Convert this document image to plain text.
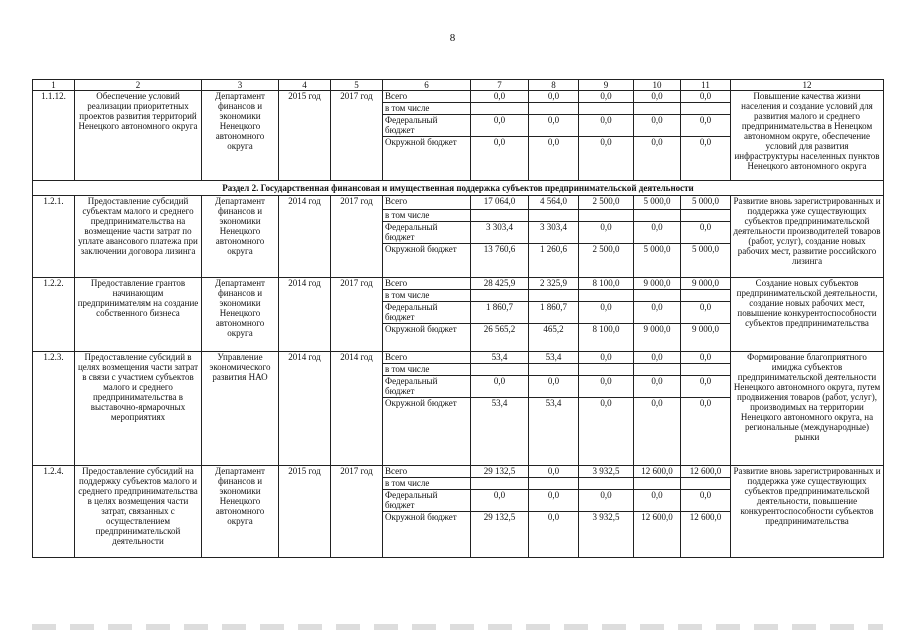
8
1	2	3	4	5	6	7	8	9	10	11	12
1.1.12.	Обеспечение условий реализации приоритетных проектов развития территорий Ненецкого автономного округа	Департамент финансов и экономики Ненецкого автономного округа	2015 год	2017 год	Всего	0,0	0,0	0,0	0,0	0,0	Повышение качества жизни населения и создание условий для развития малого и среднего предпринимательства в Ненецком автономном округе, обеспечение условий для развития инфраструктуры населенных пунктов Ненецкого автономного округа
					в том числе						
					Федеральный бюджет	0,0	0,0	0,0	0,0	0,0	
					Окружной бюджет	0,0	0,0	0,0	0,0	0,0	
Раздел 2. Государственная финансовая и имущественная поддержка субъектов предпринимательской деятельности											
1.2.1.	Предоставление субсидий субъектам малого и среднего предпринимательства на возмещение части затрат по уплате авансового платежа при заключении договора лизинга	Департамент финансов и экономики Ненецкого автономного округа	2014 год	2017 год	Всего	17 064,0	4 564,0	2 500,0	5 000,0	5 000,0	Развитие вновь зарегистрированных и поддержка уже существующих субъектов предпринимательской деятельности производителей товаров (работ, услуг), создание новых рабочих мест, развитие российского лизинга
					в том числе						
					Федеральный бюджет	3 303,4	3 303,4	0,0	0,0	0,0	
					Окружной бюджет	13 760,6	1 260,6	2 500,0	5 000,0	5 000,0	
1.2.2.	Предоставление грантов начинающим предпринимателям на создание собственного бизнеса	Департамент финансов и экономики Ненецкого автономного округа	2014 год	2017 год	Всего	28 425,9	2 325,9	8 100,0	9 000,0	9 000,0	Создание новых субъектов предпринимательской деятельности, создание новых рабочих мест, повышение конкурентоспособности субъектов предпринимательства
					в том числе						
					Федеральный бюджет	1 860,7	1 860,7	0,0	0,0	0,0	
					Окружной бюджет	26 565,2	465,2	8 100,0	9 000,0	9 000,0	
1.2.3.	Предоставление субсидий в целях возмещения части затрат в связи с участием субъектов малого и среднего предпринимательства в выставочно-ярмарочных мероприятиях	Управление экономического развития НАО	2014 год	2014 год	Всего	53,4	53,4	0,0	0,0	0,0	Формирование благоприятного имиджа субъектов предпринимательской деятельности Ненецкого автономного округа, путем продвижения товаров (работ, услуг), производимых на территории Ненецкого автономного округа, на региональные (международные) рынки
					в том числе						
					Федеральный бюджет	0,0	0,0	0,0	0,0	0,0	
					Окружной бюджет	53,4	53,4	0,0	0,0	0,0	
1.2.4.	Предоставление субсидий на поддержку субъектов малого и среднего предпринимательства в целях возмещения части затрат, связанных с осуществлением предпринимательской деятельности	Департамент финансов и экономики Ненецкого автономного округа	2015 год	2017 год	Всего	29 132,5	0,0	3 932,5	12 600,0	12 600,0	Развитие вновь зарегистрированных и поддержка уже существующих субъектов предпринимательской деятельности, повышение конкурентоспособности субъектов предпринимательства
					в том числе						
					Федеральный бюджет	0,0	0,0	0,0	0,0	0,0	
					Окружной бюджет	29 132,5	0,0	3 932,5	12 600,0	12 600,0	
